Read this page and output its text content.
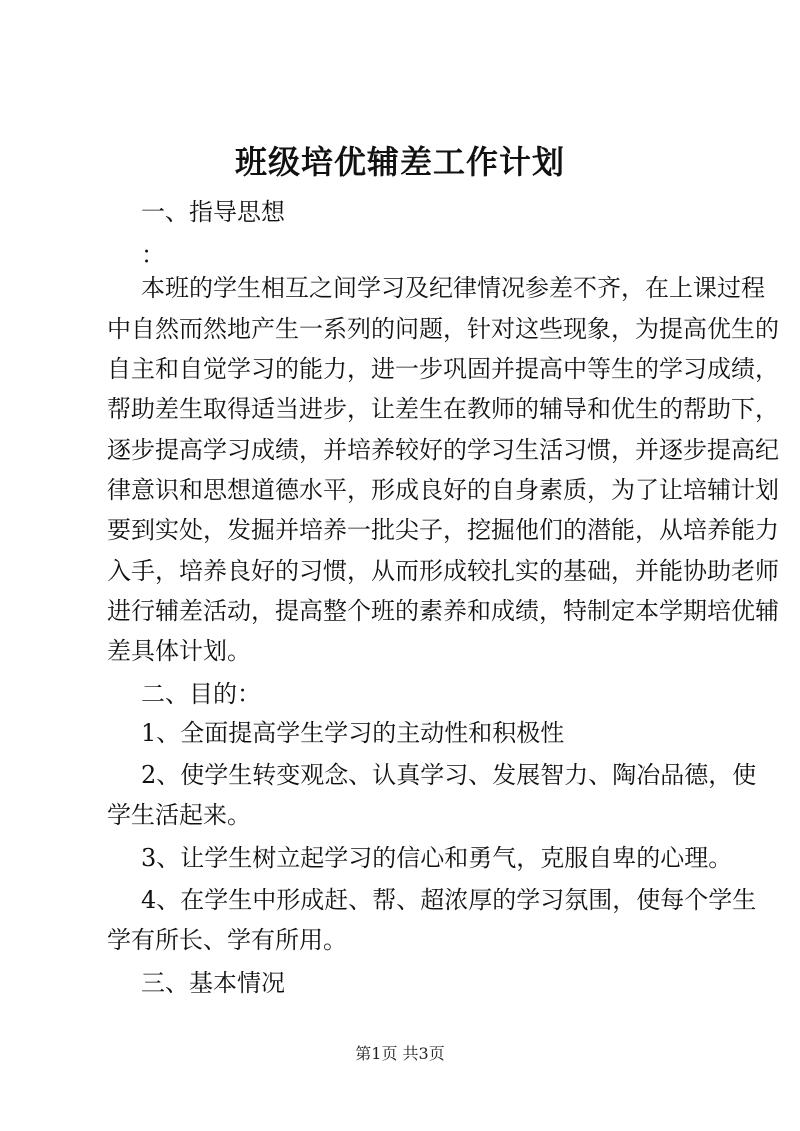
班级培优辅差工作计划
一、指导思想
：
本班的学生相互之间学习及纪律情况参差不齐，在上课过程
中自然而然地产生一系列的问题，针对这些现象，为提高优生的
自主和自觉学习的能力，进一步巩固并提高中等生的学习成绩，
帮助差生取得适当进步，让差生在教师的辅导和优生的帮助下，
逐步提高学习成绩，并培养较好的学习生活习惯，并逐步提高纪
律意识和思想道德水平，形成良好的自身素质，为了让培辅计划
要到实处，发掘并培养一批尖子，挖掘他们的潜能，从培养能力
入手，培养良好的习惯，从而形成较扎实的基础，并能协助老师
进行辅差活动，提高整个班的素养和成绩，特制定本学期培优辅
差具体计划。
二、目的：
1、全面提高学生学习的主动性和积极性
2、使学生转变观念、认真学习、发展智力、陶冶品德，使
学生活起来。
3、让学生树立起学习的信心和勇气，克服自卑的心理。
4、在学生中形成赶、帮、超浓厚的学习氛围，使每个学生
学有所长、学有所用。
三、基本情况
第1页 共3页
